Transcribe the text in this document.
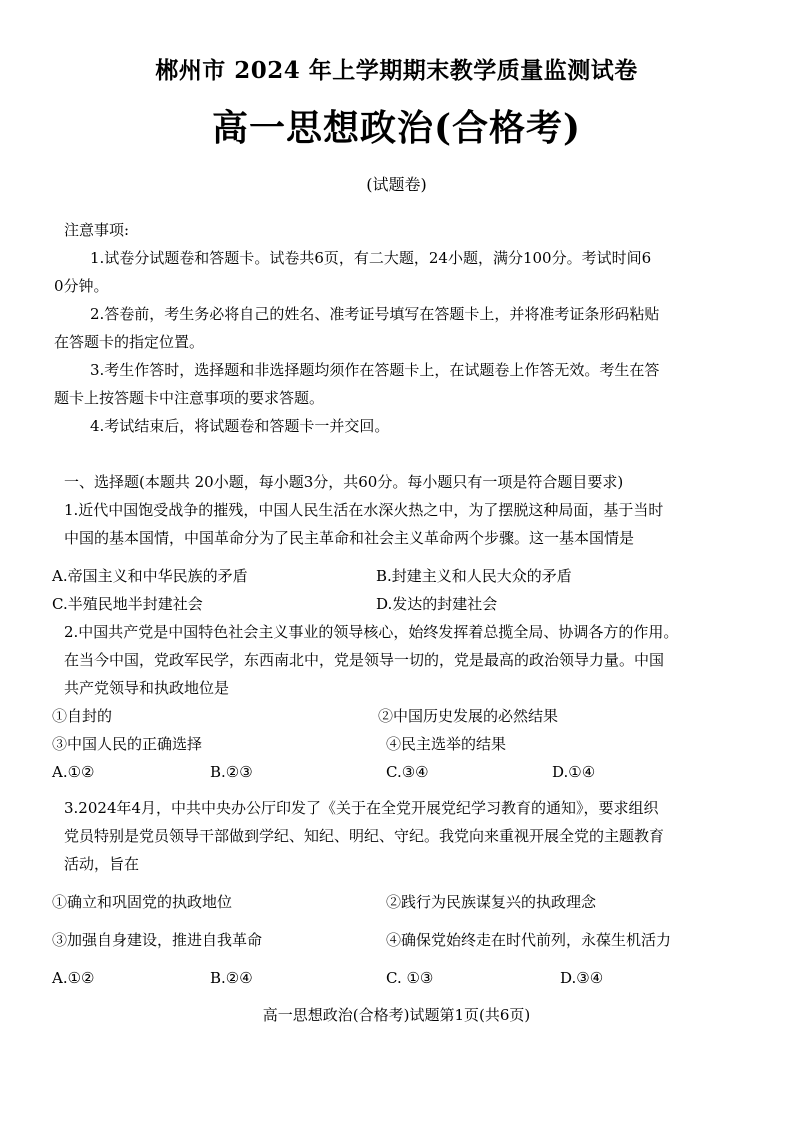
郴州市 2024 年上学期期末教学质量监测试卷
高一思想政治(合格考)
(试题卷)
注意事项:
1.试卷分试题卷和答题卡。试卷共6页，有二大题，24小题，满分100分。考试时间6
0分钟。
2.答卷前，考生务必将自己的姓名、准考证号填写在答题卡上，并将准考证条形码粘贴
在答题卡的指定位置。
3.考生作答时，选择题和非选择题均须作在答题卡上，在试题卷上作答无效。考生在答
题卡上按答题卡中注意事项的要求答题。
4.考试结束后，将试题卷和答题卡一并交回。
一、选择题(本题共 20小题，每小题3分，共60分。每小题只有一项是符合题目要求)
1.近代中国饱受战争的摧残，中国人民生活在水深火热之中，为了摆脱这种局面，基于当时
中国的基本国情，中国革命分为了民主革命和社会主义革命两个步骤。这一基本国情是
A.帝国主义和中华民族的矛盾	B.封建主义和人民大众的矛盾
C.半殖民地半封建社会	D.发达的封建社会
2.中国共产党是中国特色社会主义事业的领导核心，始终发挥着总揽全局、协调各方的作用。
在当今中国，党政军民学，东西南北中，党是领导一切的，党是最高的政治领导力量。中国
共产党领导和执政地位是
①自封的	②中国历史发展的必然结果
③中国人民的正确选择	④民主选举的结果
A.①②	B.②③	C.③④	D.①④
3.2024年4月，中共中央办公厅印发了《关于在全党开展党纪学习教育的通知》，要求组织
党员特别是党员领导干部做到学纪、知纪、明纪、守纪。我党向来重视开展全党的主题教育
活动，旨在
①确立和巩固党的执政地位	②践行为民族谋复兴的执政理念
③加强自身建设，推进自我革命	④确保党始终走在时代前列，永葆生机活力
A.①②	B.②④	C. ①③	D.③④
高一思想政治(合格考)试题第1页(共6页)
